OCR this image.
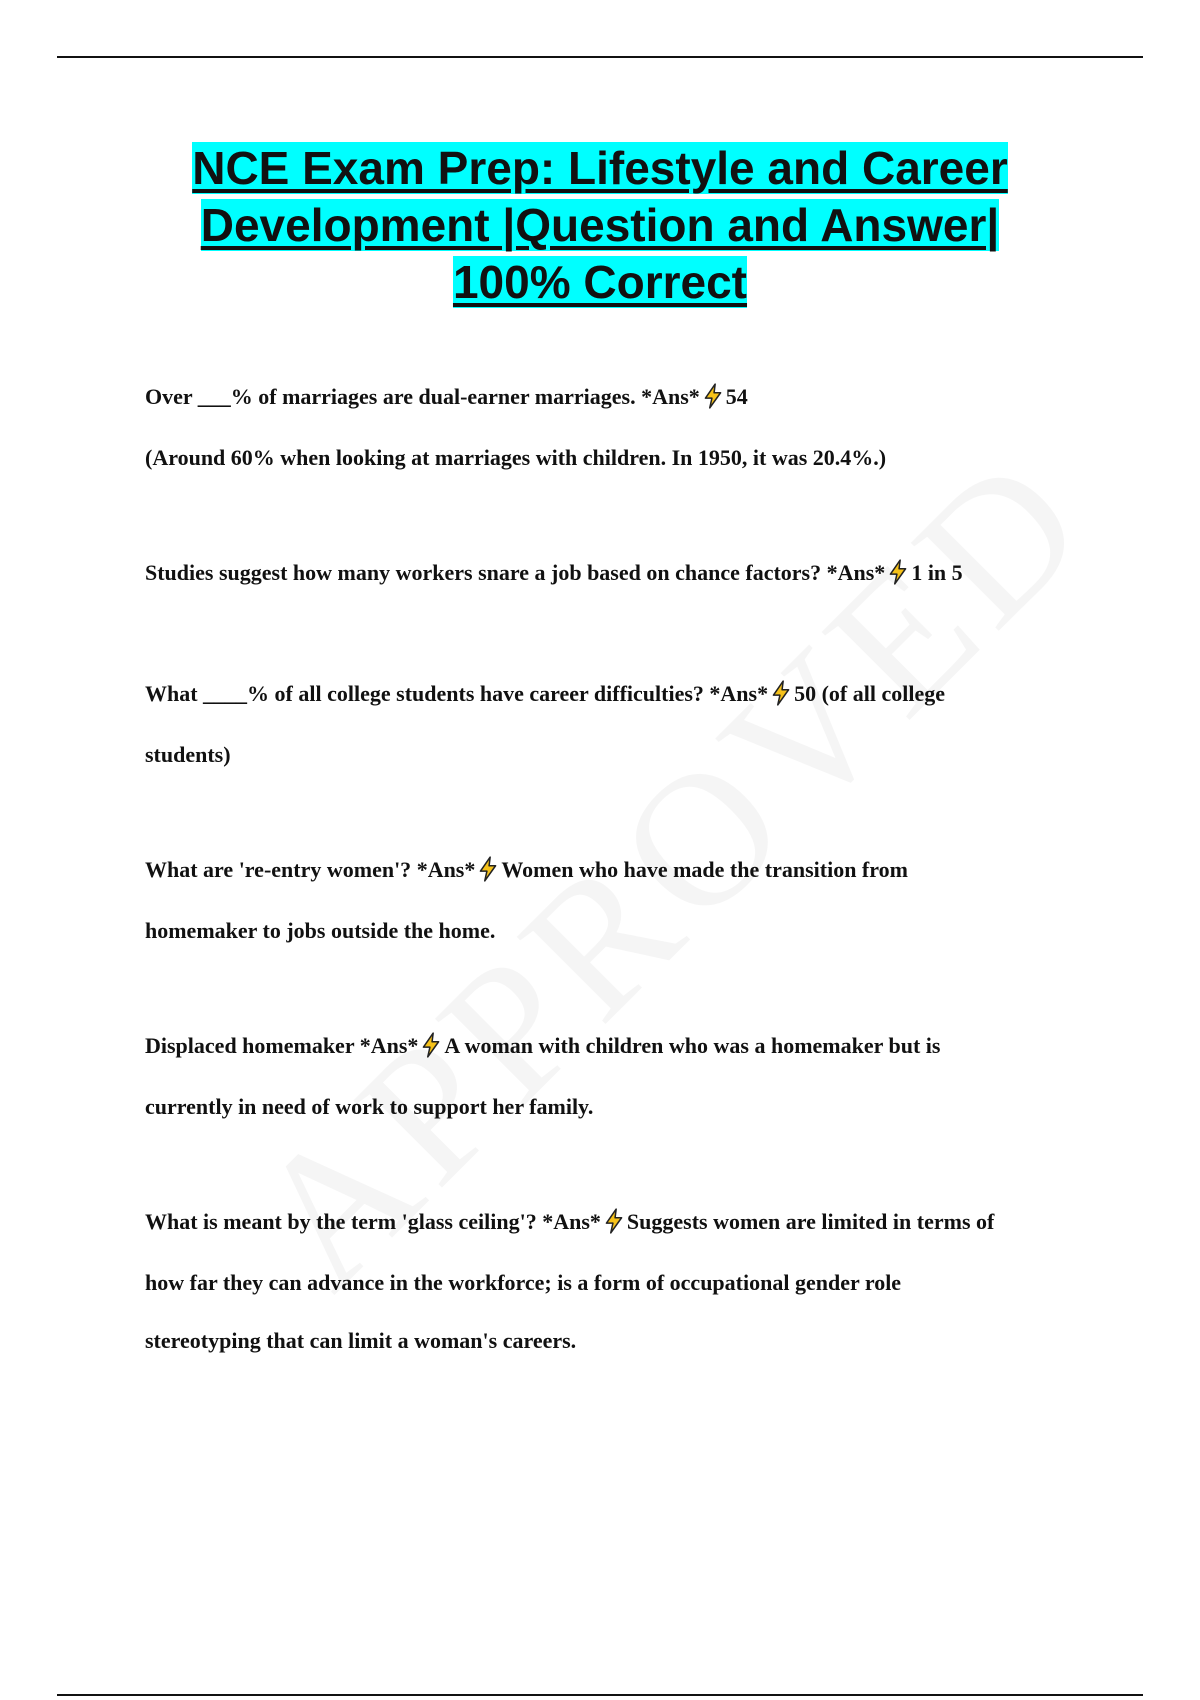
NCE Exam Prep: Lifestyle and Career
Development |Question and Answer|
100% Correct

Over ___% of marriages are dual-earner marriages. *Ans* 54

(Around 60% when looking at marriages with children. In 1950, it was 20.4%.)

Studies suggest how many workers snare a job based on chance factors? *Ans* 1 in 5

What ____% of all college students have career difficulties? *Ans* 50 (of all college

students)

What are 're-entry women'? *Ans* Women who have made the transition from

homemaker to jobs outside the home.

Displaced homemaker *Ans* A woman with children who was a homemaker but is

currently in need of work to support her family.

What is meant by the term 'glass ceiling'? *Ans* Suggests women are limited in terms of

how far they can advance in the workforce; is a form of occupational gender role

stereotyping that can limit a woman's careers.
